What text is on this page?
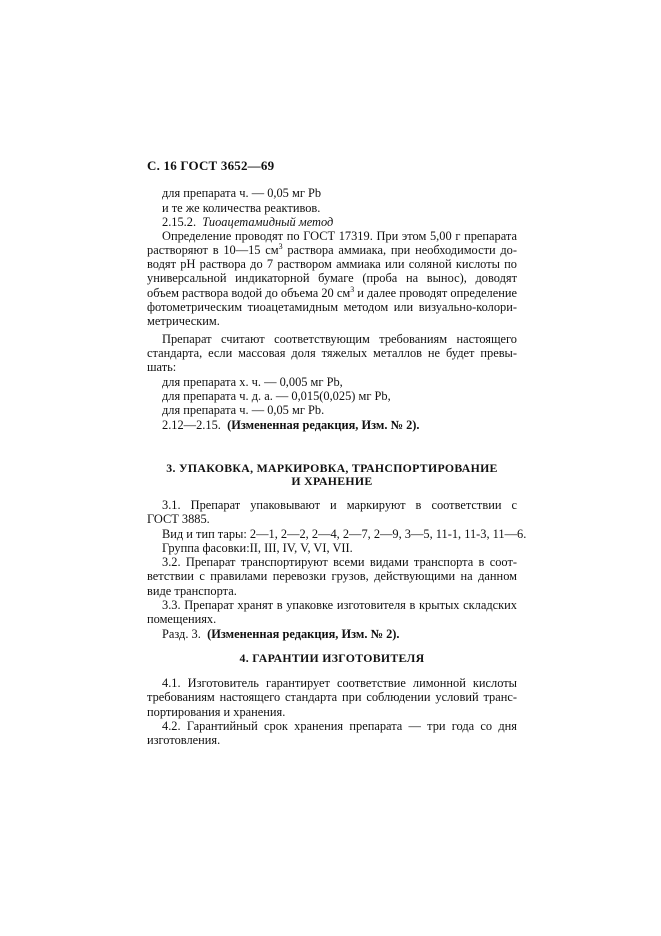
С. 16 ГОСТ 3652—69
для препарата ч. — 0,05 мг Pb
и те же количества реактивов.
2.15.2. Тиоацетамидный метод
Определение проводят по ГОСТ 17319. При этом 5,00 г препарата
растворяют в 10—15 $см^3$ раствора аммиака, при необходимости до-
водят рН раствора до 7 раствором аммиака или соляной кислоты по
универсальной индикаторной бумаге (проба на вынос), доводят
объем раствора водой до объема 20 $см^3$ и далее проводят определение
фотометрическим тиоацетамидным методом или визуально-колори-
метрическим.
Препарат считают соответствующим требованиям настоящего
стандарта, если массовая доля тяжелых металлов не будет превы-
шать:
для препарата х. ч. — 0,005 мг Pb,
для препарата ч. д. а. — 0,015(0,025) мг Pb,
для препарата ч. — 0,05 мг Pb.
2.12—2.15. (Измененная редакция, Изм. № 2).
3. УПАКОВКА, МАРКИРОВКА, ТРАНСПОРТИРОВАНИЕ
И ХРАНЕНИЕ
3.1. Препарат упаковывают и маркируют в соответствии с
ГОСТ 3885.
Вид и тип тары: 2—1, 2—2, 2—4, 2—7, 2—9, 3—5, 11-1, 11-3, 11—6.
Группа фасовки:II, III, IV, V, VI, VII.
3.2. Препарат транспортируют всеми видами транспорта в соот-
ветствии с правилами перевозки грузов, действующими на данном
виде транспорта.
3.3. Препарат хранят в упаковке изготовителя в крытых складских
помещениях.
Разд. 3. (Измененная редакция, Изм. № 2).
4. ГАРАНТИИ ИЗГОТОВИТЕЛЯ
4.1. Изготовитель гарантирует соответствие лимонной кислоты
требованиям настоящего стандарта при соблюдении условий транс-
портирования и хранения.
4.2. Гарантийный срок хранения препарата — три года со дня
изготовления.
